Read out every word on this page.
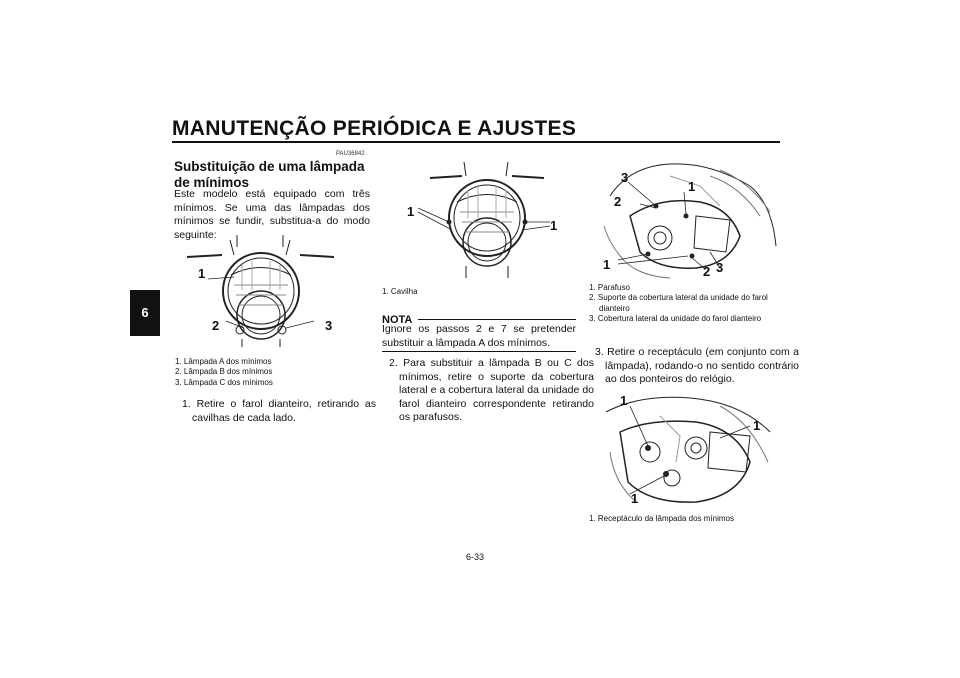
MANUTENÇÃO PERIÓDICA E AJUSTES
6
PAU36842
Substituição de uma lâmpada de mínimos

Este modelo está equipado com três mínimos. Se uma das lâmpadas dos mínimos se fundir, substitua-a do modo seguinte:

1
2	3
1. Lâmpada A dos mínimos
2. Lâmpada B dos mínimos
3. Lâmpada C dos mínimos

1. Retire o farol dianteiro, retirando as cavilhas de cada lado.

1
1
1. Cavilha
NOTA

Ignore os passos 2 e 7 se pretender substituir a lâmpada A dos mínimos.

2. Para substituir a lâmpada B ou C dos mínimos, retire o suporte da cobertura lateral e a cobertura lateral da unidade do farol dianteiro correspondente retirando os parafusos.

3
1
2
1	2 3
1. Parafuso
2. Suporte da cobertura lateral da unidade do farol dianteiro
3. Cobertura lateral da unidade do farol dianteiro

3. Retire o receptáculo (em conjunto com a lâmpada), rodando-o no sentido contrário ao dos ponteiros do relógio.

1
1
1
1. Receptáculo da lâmpada dos mínimos
6-33
